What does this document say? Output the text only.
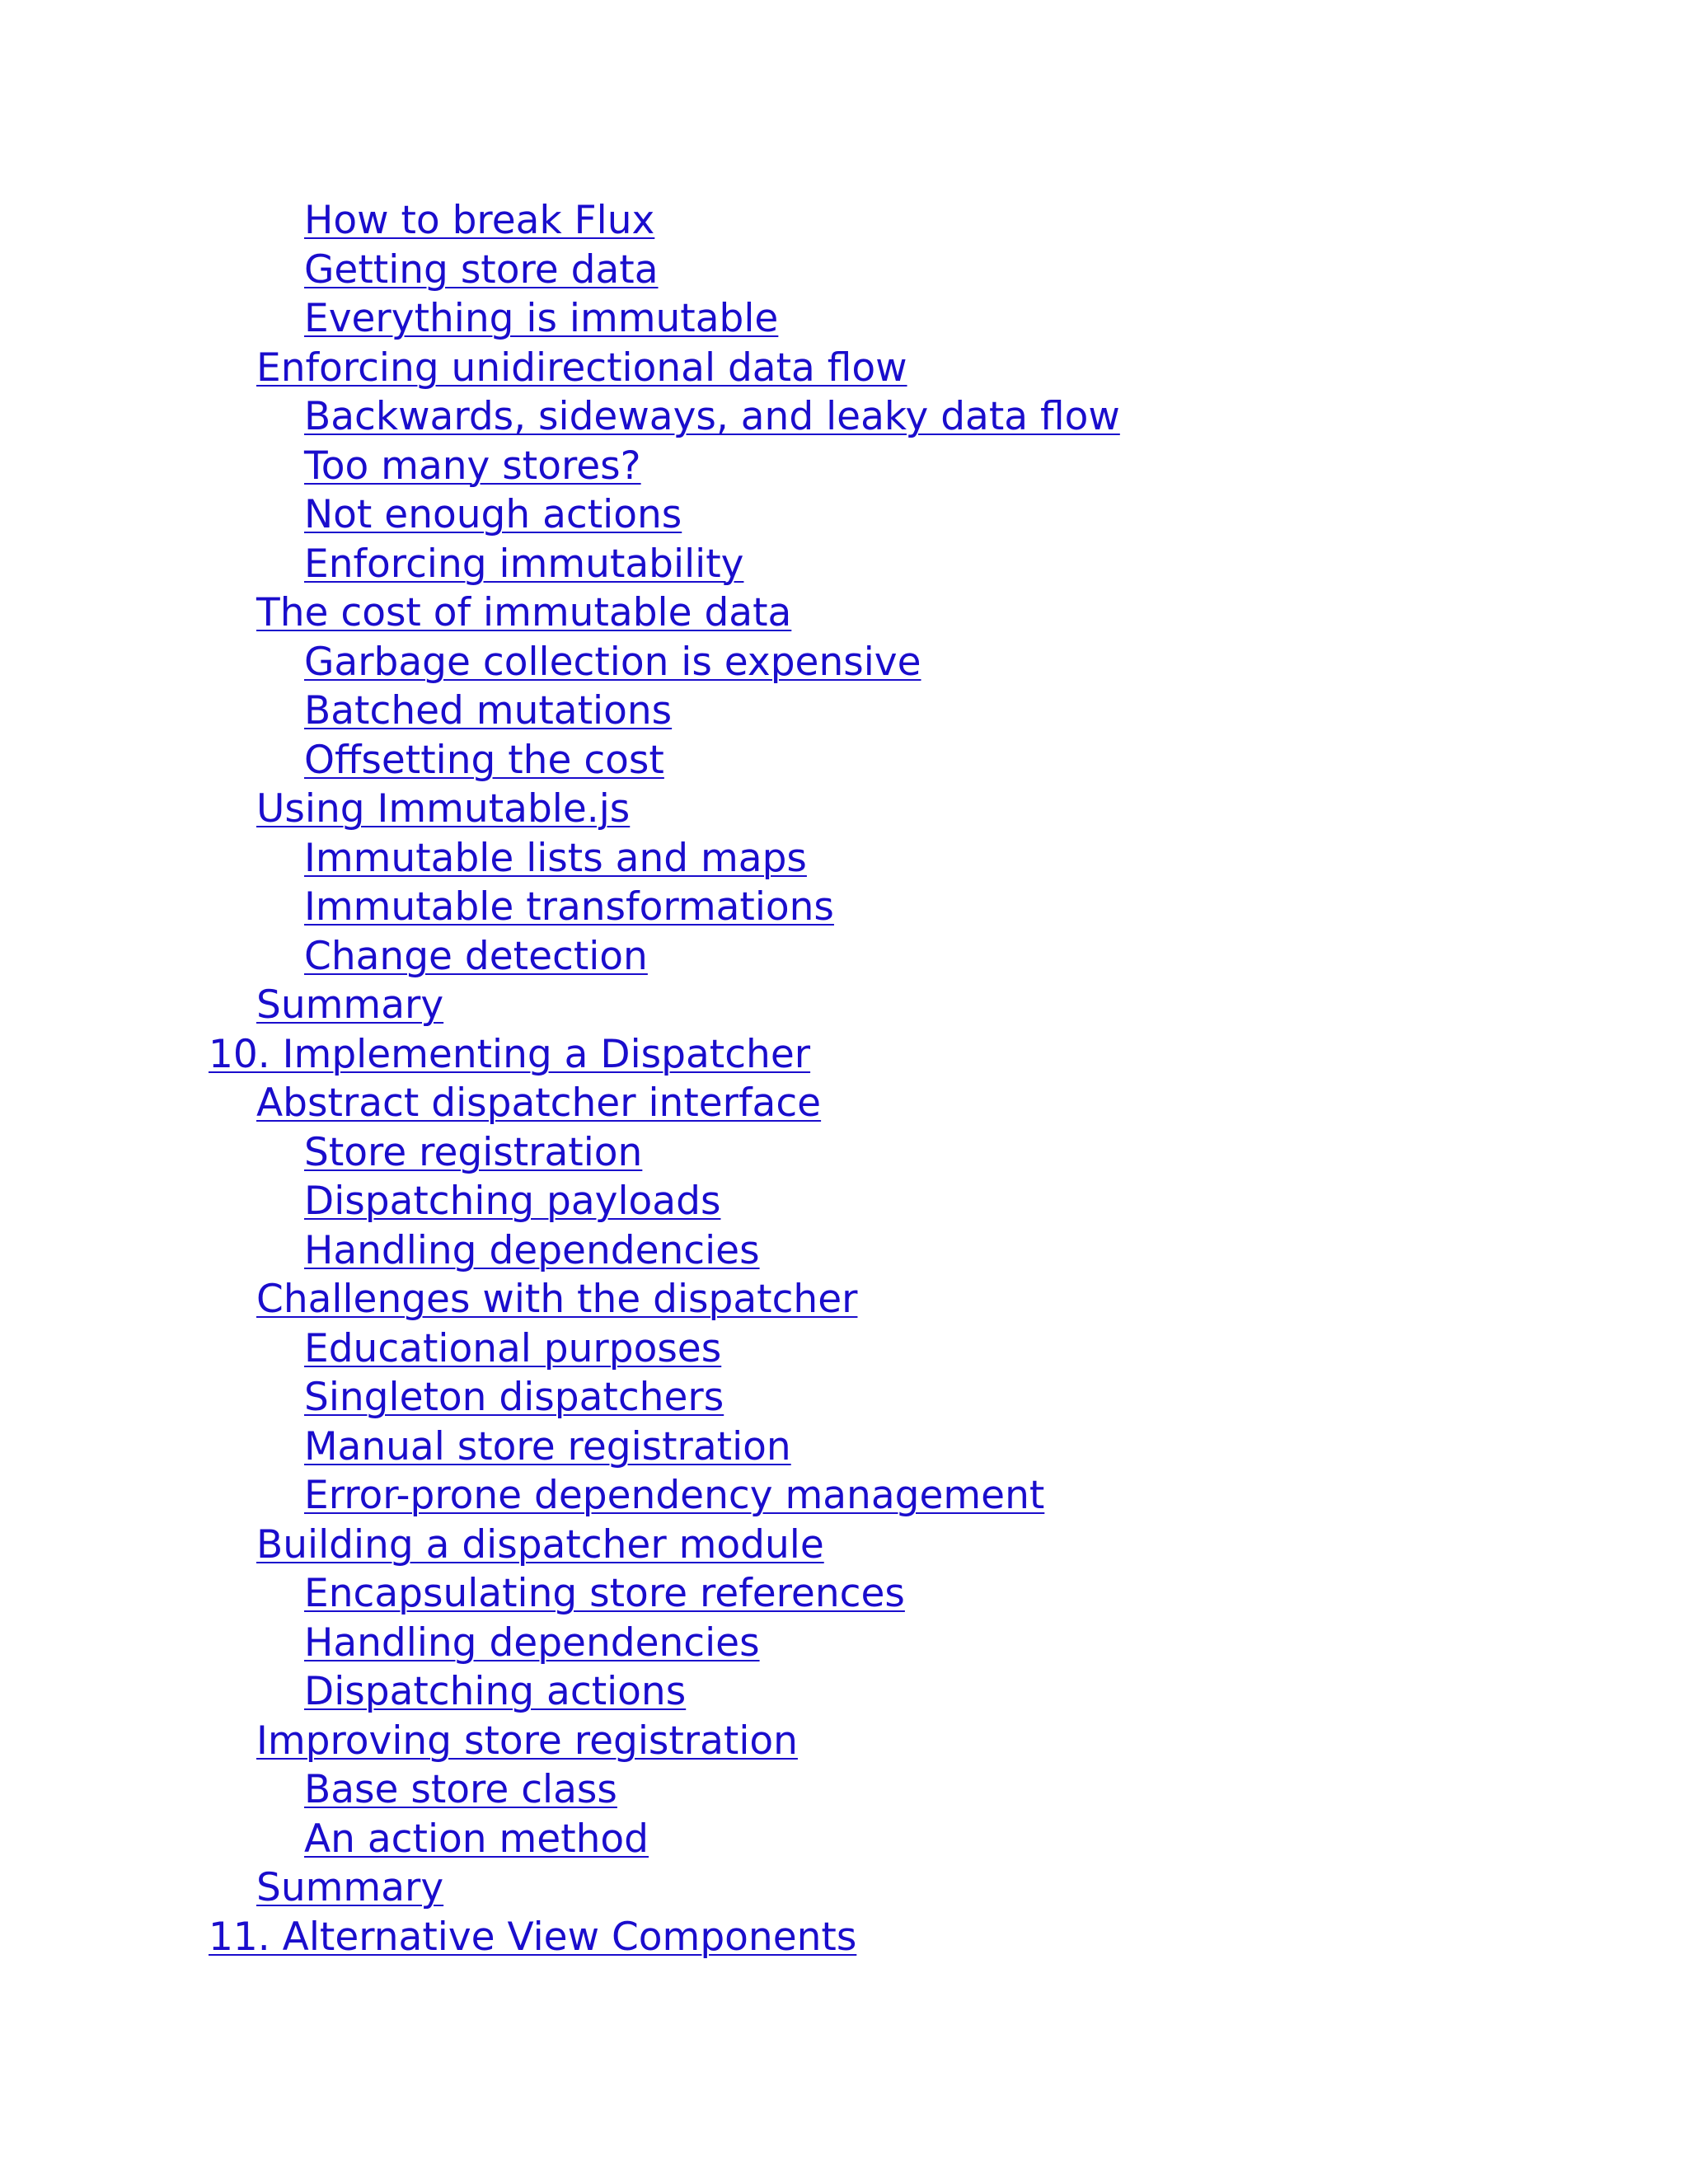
How to break Flux
Getting store data
Everything is immutable
Enforcing unidirectional data flow
Backwards, sideways, and leaky data flow
Too many stores?
Not enough actions
Enforcing immutability
The cost of immutable data
Garbage collection is expensive
Batched mutations
Offsetting the cost
Using Immutable.js
Immutable lists and maps
Immutable transformations
Change detection
Summary
10. Implementing a Dispatcher
Abstract dispatcher interface
Store registration
Dispatching payloads
Handling dependencies
Challenges with the dispatcher
Educational purposes
Singleton dispatchers
Manual store registration
Error-prone dependency management
Building a dispatcher module
Encapsulating store references
Handling dependencies
Dispatching actions
Improving store registration
Base store class
An action method
Summary
11. Alternative View Components
